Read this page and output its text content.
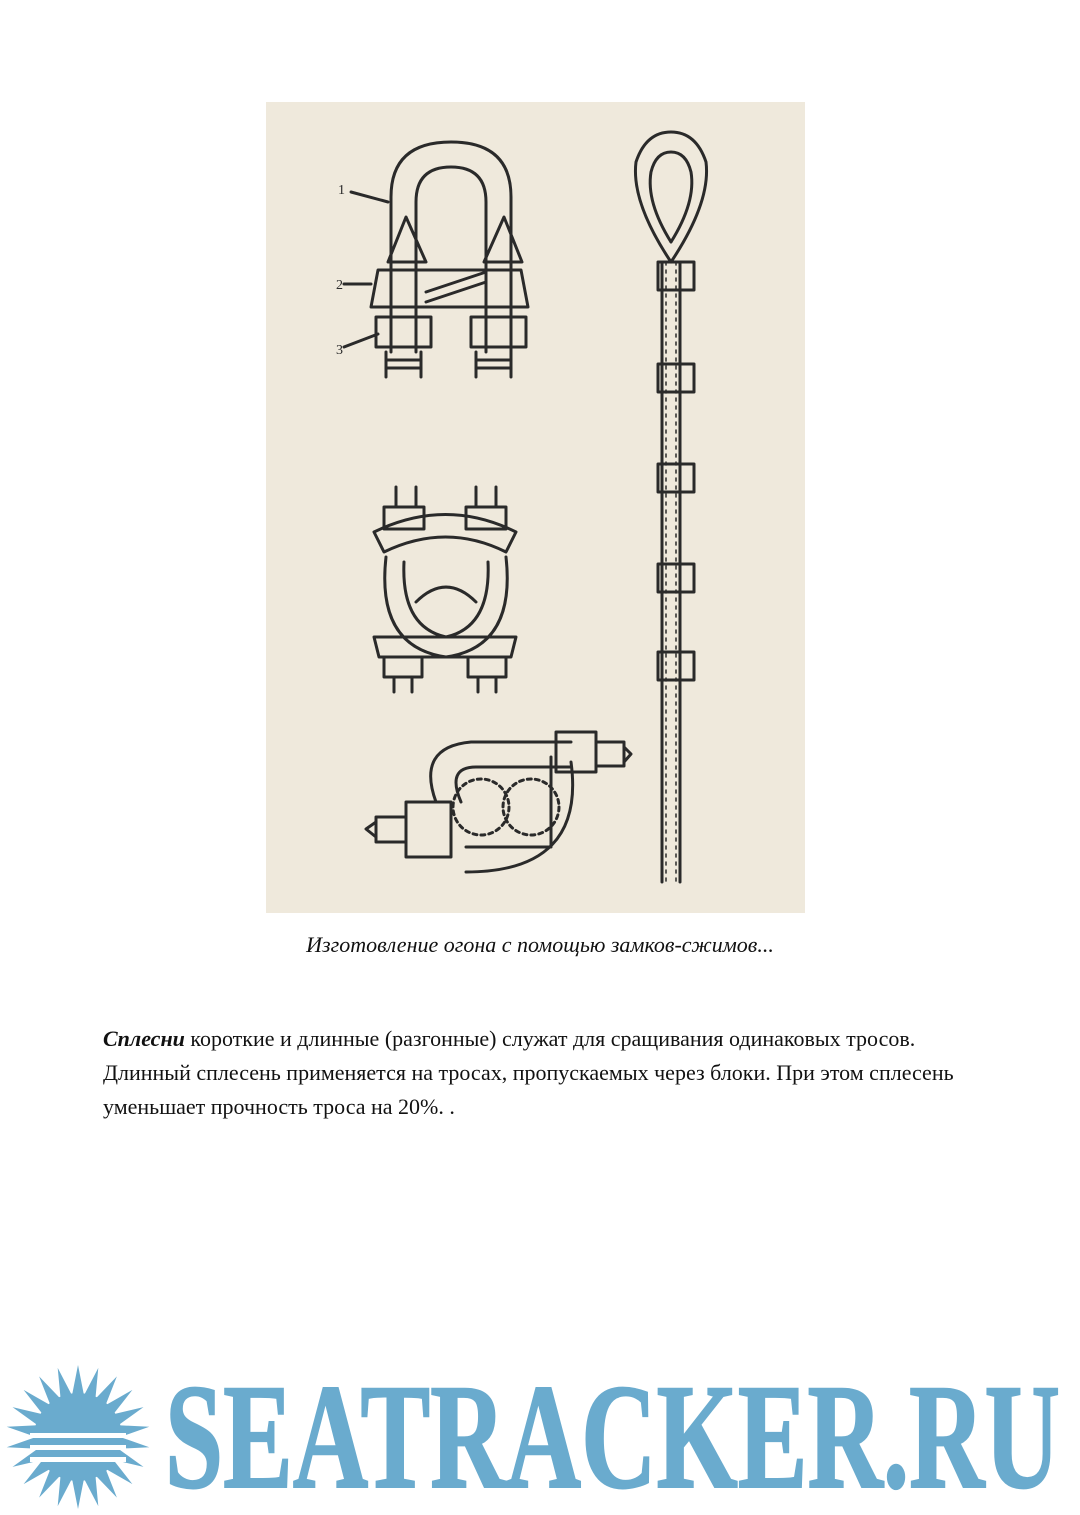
1
2
3
Изготовление огона с помощью замков-сжимов...

Сплесни короткие и длинные (разгонные) служат для сращивания одинаковых тросов. Длинный сплесень применяется на тросах, пропускаемых через блоки. При этом сплесень уменьшает прочность троса на 20%. .

SEATRACKER.RU
